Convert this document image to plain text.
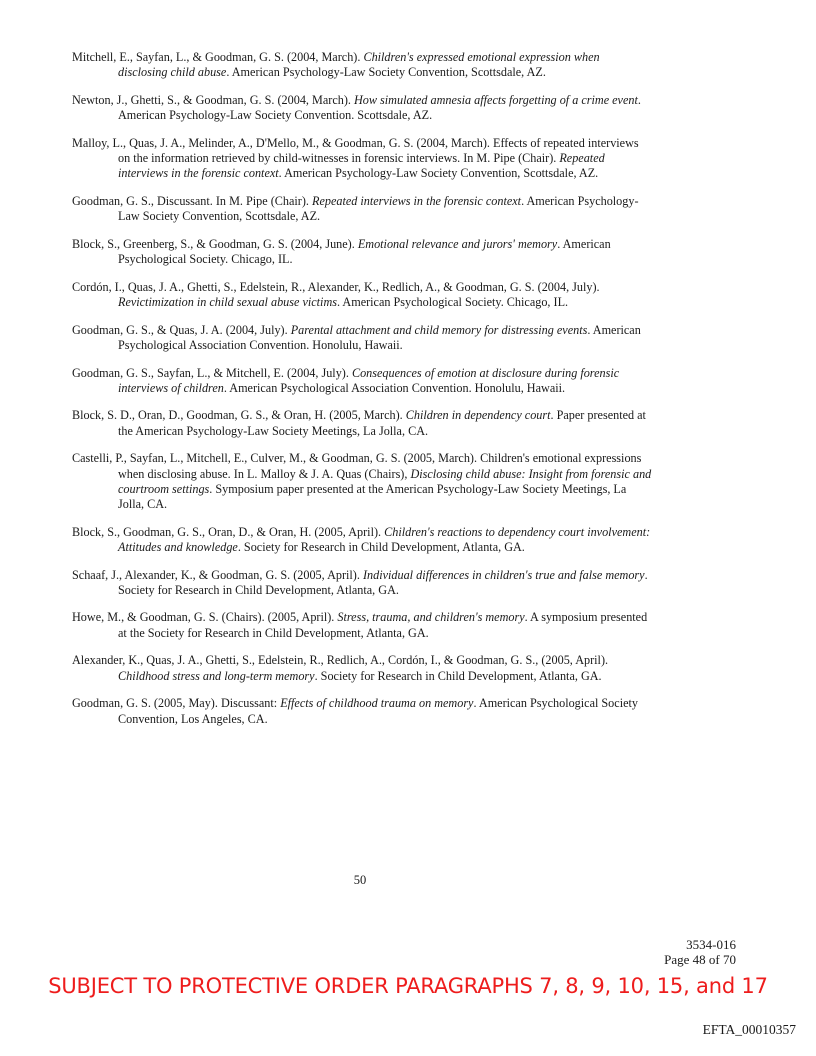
Mitchell, E., Sayfan, L., & Goodman, G. S. (2004, March). Children's expressed emotional expression when disclosing child abuse. American Psychology-Law Society Convention, Scottsdale, AZ.

Newton, J., Ghetti, S., & Goodman, G. S. (2004, March). How simulated amnesia affects forgetting of a crime event. American Psychology-Law Society Convention. Scottsdale, AZ.

Malloy, L., Quas, J. A., Melinder, A., D'Mello, M., & Goodman, G. S. (2004, March). Effects of repeated interviews on the information retrieved by child-witnesses in forensic interviews. In M. Pipe (Chair). Repeated interviews in the forensic context. American Psychology-Law Society Convention, Scottsdale, AZ.

Goodman, G. S., Discussant. In M. Pipe (Chair). Repeated interviews in the forensic context. American Psychology-Law Society Convention, Scottsdale, AZ.

Block, S., Greenberg, S., & Goodman, G. S. (2004, June). Emotional relevance and jurors' memory. American Psychological Society. Chicago, IL.

Cordón, I., Quas, J. A., Ghetti, S., Edelstein, R., Alexander, K., Redlich, A., & Goodman, G. S. (2004, July). Revictimization in child sexual abuse victims. American Psychological Society. Chicago, IL.

Goodman, G. S., & Quas, J. A. (2004, July). Parental attachment and child memory for distressing events. American Psychological Association Convention. Honolulu, Hawaii.

Goodman, G. S., Sayfan, L., & Mitchell, E. (2004, July). Consequences of emotion at disclosure during forensic interviews of children. American Psychological Association Convention. Honolulu, Hawaii.

Block, S. D., Oran, D., Goodman, G. S., & Oran, H. (2005, March). Children in dependency court. Paper presented at the American Psychology-Law Society Meetings, La Jolla, CA.

Castelli, P., Sayfan, L., Mitchell, E., Culver, M., & Goodman, G. S. (2005, March). Children's emotional expressions when disclosing abuse. In L. Malloy & J. A. Quas (Chairs), Disclosing child abuse: Insight from forensic and courtroom settings. Symposium paper presented at the American Psychology-Law Society Meetings, La Jolla, CA.

Block, S., Goodman, G. S., Oran, D., & Oran, H. (2005, April). Children's reactions to dependency court involvement: Attitudes and knowledge. Society for Research in Child Development, Atlanta, GA.

Schaaf, J., Alexander, K., & Goodman, G. S. (2005, April). Individual differences in children's true and false memory. Society for Research in Child Development, Atlanta, GA.

Howe, M., & Goodman, G. S. (Chairs). (2005, April). Stress, trauma, and children's memory. A symposium presented at the Society for Research in Child Development, Atlanta, GA.

Alexander, K., Quas, J. A., Ghetti, S., Edelstein, R., Redlich, A., Cordón, I., & Goodman, G. S., (2005, April). Childhood stress and long-term memory. Society for Research in Child Development, Atlanta, GA.

Goodman, G. S. (2005, May). Discussant: Effects of childhood trauma on memory. American Psychological Society Convention, Los Angeles, CA.

50
3534-016
Page 48 of 70
SUBJECT TO PROTECTIVE ORDER PARAGRAPHS 7, 8, 9, 10, 15, and 17
EFTA_00010357
